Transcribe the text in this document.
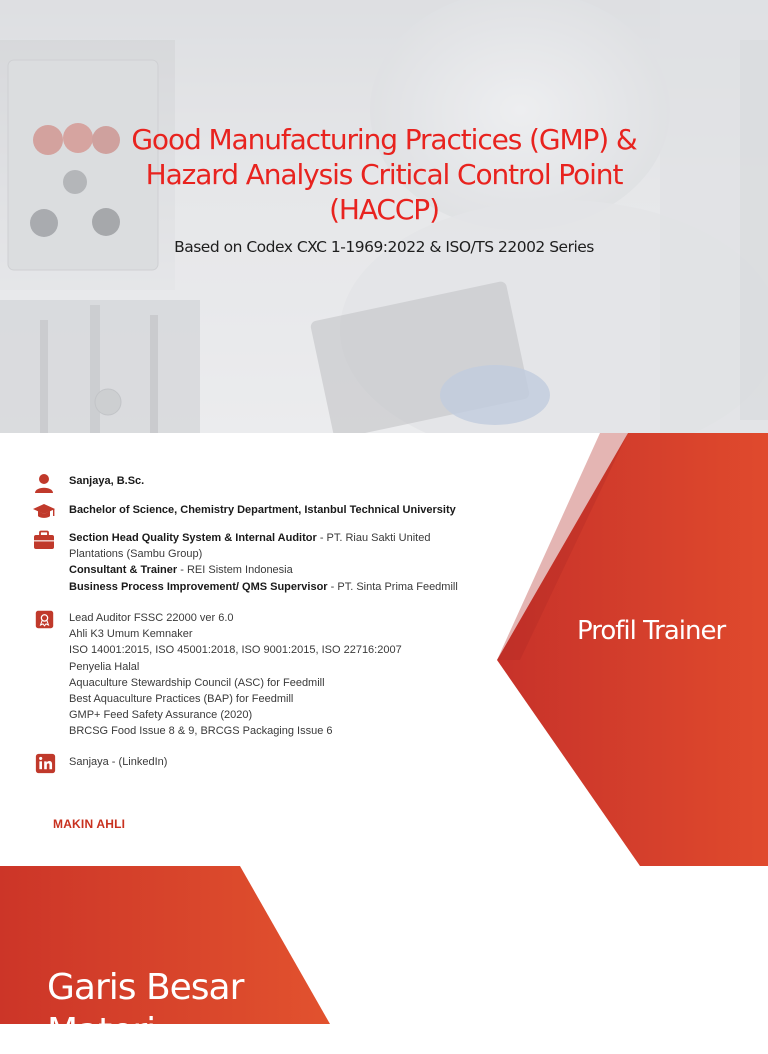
Good Manufacturing Practices (GMP) &
Hazard Analysis Critical Control Point
(HACCP)
Based on Codex CXC 1-1969:2022 & ISO/TS 22002 Series
Profil Trainer
Sanjaya, B.Sc.
Bachelor of Science, Chemistry Department, Istanbul Technical University
Section Head Quality System & Internal Auditor - PT. Riau Sakti United
Plantations (Sambu Group)
Consultant & Trainer - REI Sistem Indonesia
Business Process Improvement/ QMS Supervisor - PT. Sinta Prima Feedmill
Lead Auditor FSSC 22000 ver 6.0
Ahli K3 Umum Kemnaker
ISO 14001:2015, ISO 45001:2018, ISO 9001:2015, ISO 22716:2007
Penyelia Halal
Aquaculture Stewardship Council (ASC) for Feedmill
Best Aquaculture Practices (BAP) for Feedmill
GMP+ Feed Safety Assurance (2020)
BRCSG Food Issue 8 & 9, BRCGS Packaging Issue 6
Sanjaya - (LinkedIn)
MAKIN AHLI
Garis Besar
Materi
